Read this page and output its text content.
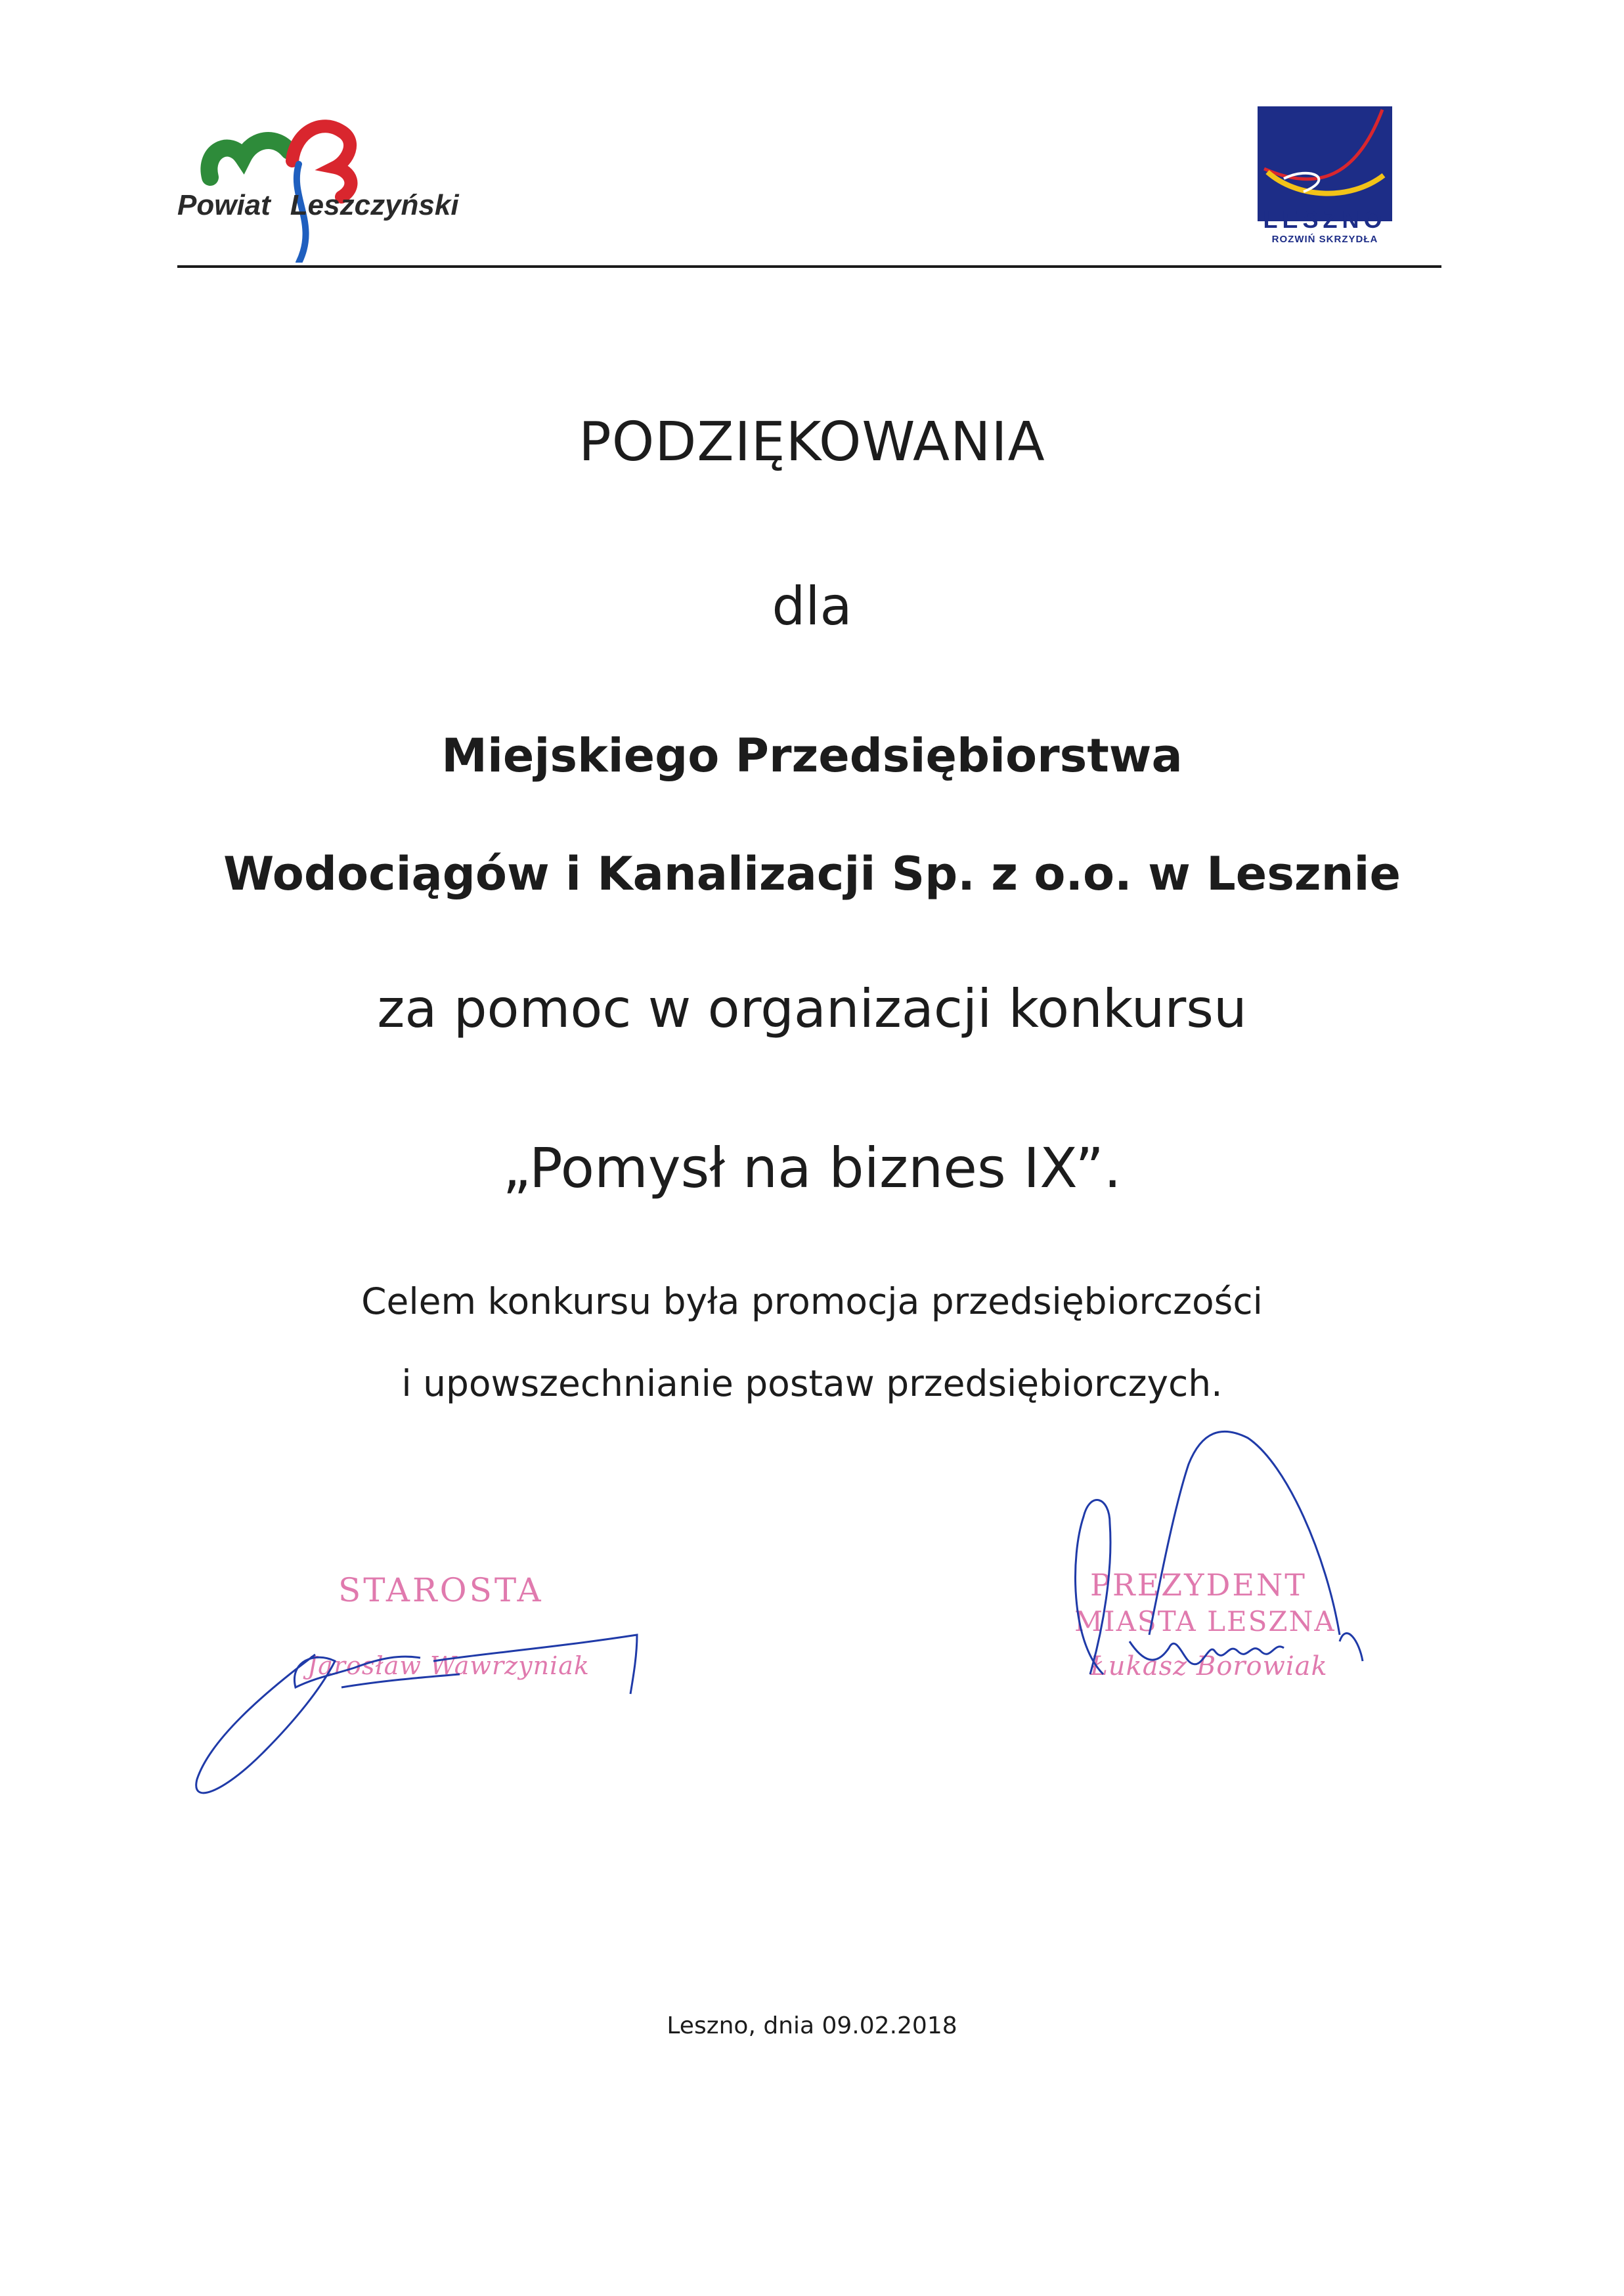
Powiat Leszczyński	LESZNO
ROZWIŃ SKRZYDŁA
PODZIĘKOWANIA
dla
Miejskiego Przedsiębiorstwa
Wodociągów i Kanalizacji Sp. z o.o. w Lesznie
za pomoc w organizacji konkursu
„Pomysł na biznes IX”.
Celem konkursu była promocja przedsiębiorczości
i upowszechnianie postaw przedsiębiorczych.
STAROSTA
Jarosław Wawrzyniak
PREZYDENT
MIASTA LESZNA
Łukasz Borowiak
Leszno, dnia 09.02.2018
